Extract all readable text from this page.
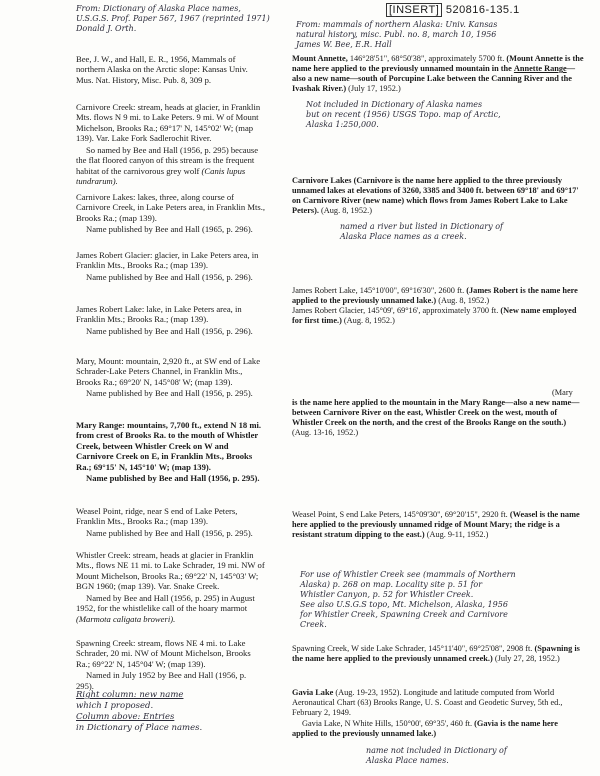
[INSERT] 520816-135.1
From: Dictionary of Alaska Place names,
U.S.G.S. Prof. Paper 567, 1967 (reprinted 1971)
Donald J. Orth.	From: mammals of northern Alaska: Univ. Kansas
natural history, misc. Publ. no. 8, march 10, 1956
James W. Bee, E.R. Hall
Bee, J. W., and Hall, E. R., 1956, Mammals of northern Alaska on the Arctic slope: Kansas Univ. Mus. Nat. History, Misc. Pub. 8, 309 p.
Carnivore Creek: stream, heads at glacier, in Franklin Mts. flows N 9 mi. to Lake Peters. 9 mi. W of Mount Michelson, Brooks Ra.; 69°17' N, 145°02' W; (map 139). Var. Lake Fork Sadlerochit River.
So named by Bee and Hall (1956, p. 295) because the flat floored canyon of this stream is the frequent habitat of the carnivorous grey wolf (Canis lupus tundrarum).
Carnivore Lakes: lakes, three, along course of Carnivore Creek, in Lake Peters area, in Franklin Mts., Brooks Ra.; (map 139).
Name published by Bee and Hall (1965, p. 296).
James Robert Glacier: glacier, in Lake Peters area, in Franklin Mts., Brooks Ra.; (map 139).
Name published by Bee and Hall (1956, p. 296).
James Robert Lake: lake, in Lake Peters area, in Franklin Mts.; Brooks Ra.; (map 139).
Name published by Bee and Hall (1956, p. 296).
Mary, Mount: mountain, 2,920 ft., at SW end of Lake Schrader-Lake Peters Channel, in Franklin Mts., Brooks Ra.; 69°20' N, 145°08' W; (map 139).
Name published by Bee and Hall (1956, p. 295).
Mary Range: mountains, 7,700 ft., extend N 18 mi. from crest of Brooks Ra. to the mouth of Whistler Creek, between Whistler Creek on W and Carnivore Creek on E, in Franklin Mts., Brooks Ra.; 69°15' N, 145°10' W; (map 139).
Name published by Bee and Hall (1956, p. 295).
Weasel Point, ridge, near S end of Lake Peters, Franklin Mts., Brooks Ra.; (map 139).
Name published by Bee and Hall (1956, p. 295).
Whistler Creek: stream, heads at glacier in Franklin Mts., flows NE 11 mi. to Lake Schrader, 19 mi. NW of Mount Michelson, Brooks Ra.; 69°22' N, 145°03' W; BGN 1960; (map 139). Var. Snake Creek.
Named by Bee and Hall (1956, p. 295) in August 1952, for the whistlelike call of the hoary marmot (Marmota caligata broweri).
Spawning Creek: stream, flows NE 4 mi. to Lake Schrader, 20 mi. NW of Mount Michelson, Brooks Ra.; 69°22' N, 145°04' W; (map 139).
Named in July 1952 by Bee and Hall (1956, p. 295).
Right column: new name
which I proposed.
Column above: Entries
in Dictionary of Place names.
Mount Annette, 146°28'51", 68°50'38", approximately 5700 ft. (Mount Annette is the name here applied to the previously unnamed mountain in the Annette Range—also a new name—south of Porcupine Lake between the Canning River and the Ivashak River.) (July 17, 1952.)
Not included in Dictionary of Alaska names
but on recent (1956) USGS Topo. map of Arctic,
Alaska 1:250,000.
Carnivore Lakes (Carnivore is the name here applied to the three previously unnamed lakes at elevations of 3260, 3385 and 3400 ft. between 69°18' and 69°17' on Carnivore River (new name) which flows from James Robert Lake to Lake Peters). (Aug. 8, 1952.)
named a river but listed in Dictionary of
Alaska Place names as a creek.
James Robert Lake, 145°10'00", 69°16'30", 2600 ft. (James Robert is the name here applied to the previously unnamed lake.) (Aug. 8, 1952.)
James Robert Glacier, 145°09', 69°16', approximately 3700 ft. (New name employed for first time.) (Aug. 8, 1952.)
(Mary
is the name here applied to the mountain in the Mary Range—also a new name—between Carnivore River on the east, Whistler Creek on the west, mouth of Whistler Creek on the north, and the crest of the Brooks Range on the south.)
(Aug. 13-16, 1952.)
Weasel Point, S end Lake Peters, 145°09'30", 69°20'15", 2920 ft. (Weasel is the name here applied to the previously unnamed ridge of Mount Mary; the ridge is a resistant stratum dipping to the east.) (Aug. 9-11, 1952.)
For use of Whistler Creek see (mammals of Northern
Alaska) p. 268 on map. Locality site p. 51 for
Whistler Canyon, p. 52 for Whistler Creek.
See also U.S.G.S topo, Mt. Michelson, Alaska, 1956
for Whistler Creek, Spawning Creek and Carnivore
Creek.
Spawning Creek, W side Lake Schrader, 145°11'40", 69°25'08", 2908 ft. (Spawning is the name here applied to the previously unnamed creek.) (July 27, 28, 1952.)
Gavia Lake (Aug. 19-23, 1952). Longitude and latitude computed from World Aeronautical Chart (63) Brooks Range, U. S. Coast and Geodetic Survey, 5th ed., February 2, 1949.
Gavia Lake, N White Hills, 150°00', 69°35', 460 ft. (Gavia is the name here applied to the previously unnamed lake.)
name not included in Dictionary of
Alaska Place names.
